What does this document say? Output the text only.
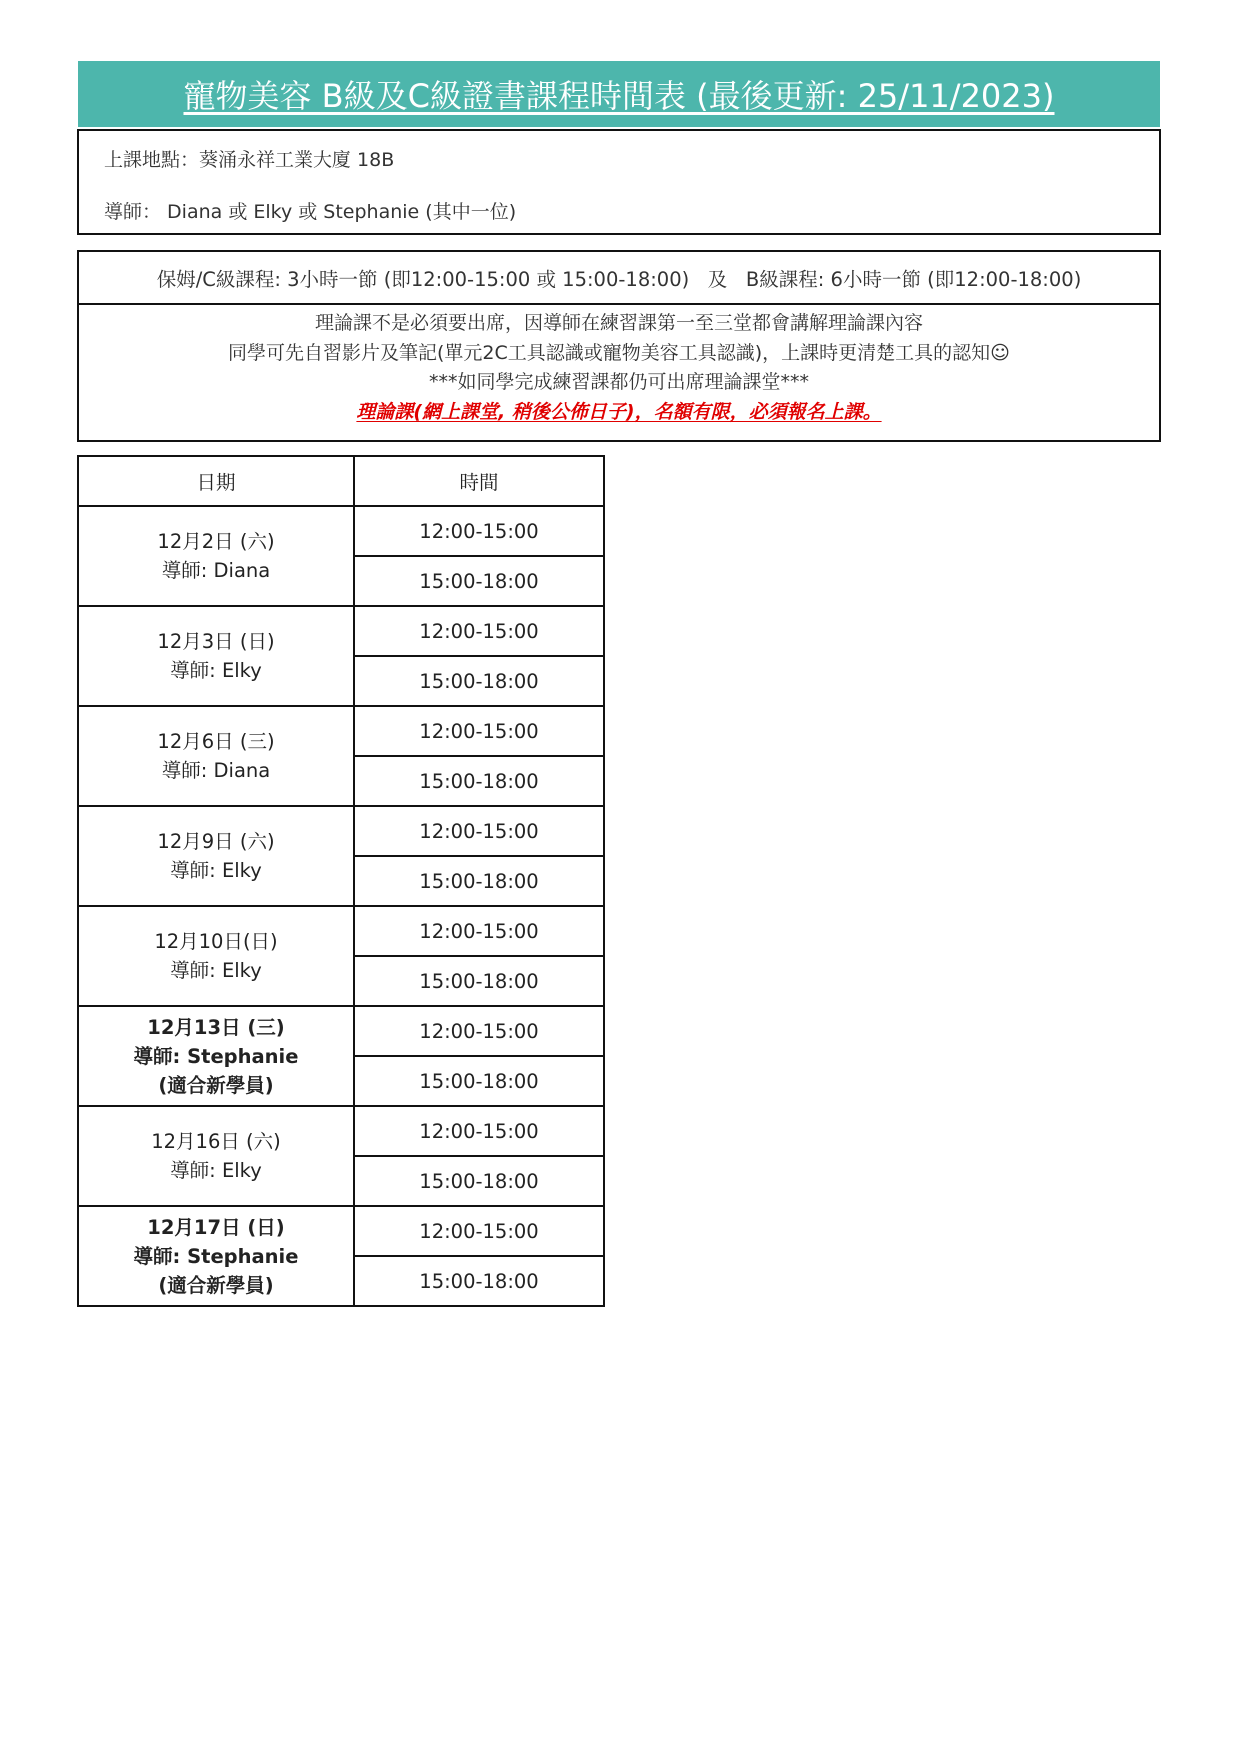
寵物美容 B級及C級證書課程時間表 (最後更新: 25/11/2023)
上課地點：葵涌永祥工業大廈 18B
導師： Diana 或 Elky 或 Stephanie (其中一位)
保姆/C級課程: 3小時一節 (即12:00-15:00 或 15:00-18:00)   及   B級課程: 6小時一節 (即12:00-18:00)
理論課不是必須要出席，因導師在練習課第一至三堂都會講解理論課內容
同學可先自習影片及筆記(單元2C工具認識或寵物美容工具認識)，上課時更清楚工具的認知☺
***如同學完成練習課都仍可出席理論課堂***
理論課(網上課堂, 稍後公佈日子)，名額有限，必須報名上課。
日期	時間

12月2日 (六)
導師: Diana	12:00-15:00
	15:00-18:00

12月3日 (日)
導師: Elky	12:00-15:00
	15:00-18:00

12月6日 (三)
導師: Diana	12:00-15:00
	15:00-18:00

12月9日 (六)
導師: Elky	12:00-15:00
	15:00-18:00

12月10日(日)
導師: Elky	12:00-15:00
	15:00-18:00

12月13日 (三)
導師: Stephanie
(適合新學員)	12:00-15:00
	15:00-18:00

12月16日 (六)
導師: Elky	12:00-15:00
	15:00-18:00

12月17日 (日)
導師: Stephanie
(適合新學員)	12:00-15:00
	15:00-18:00
